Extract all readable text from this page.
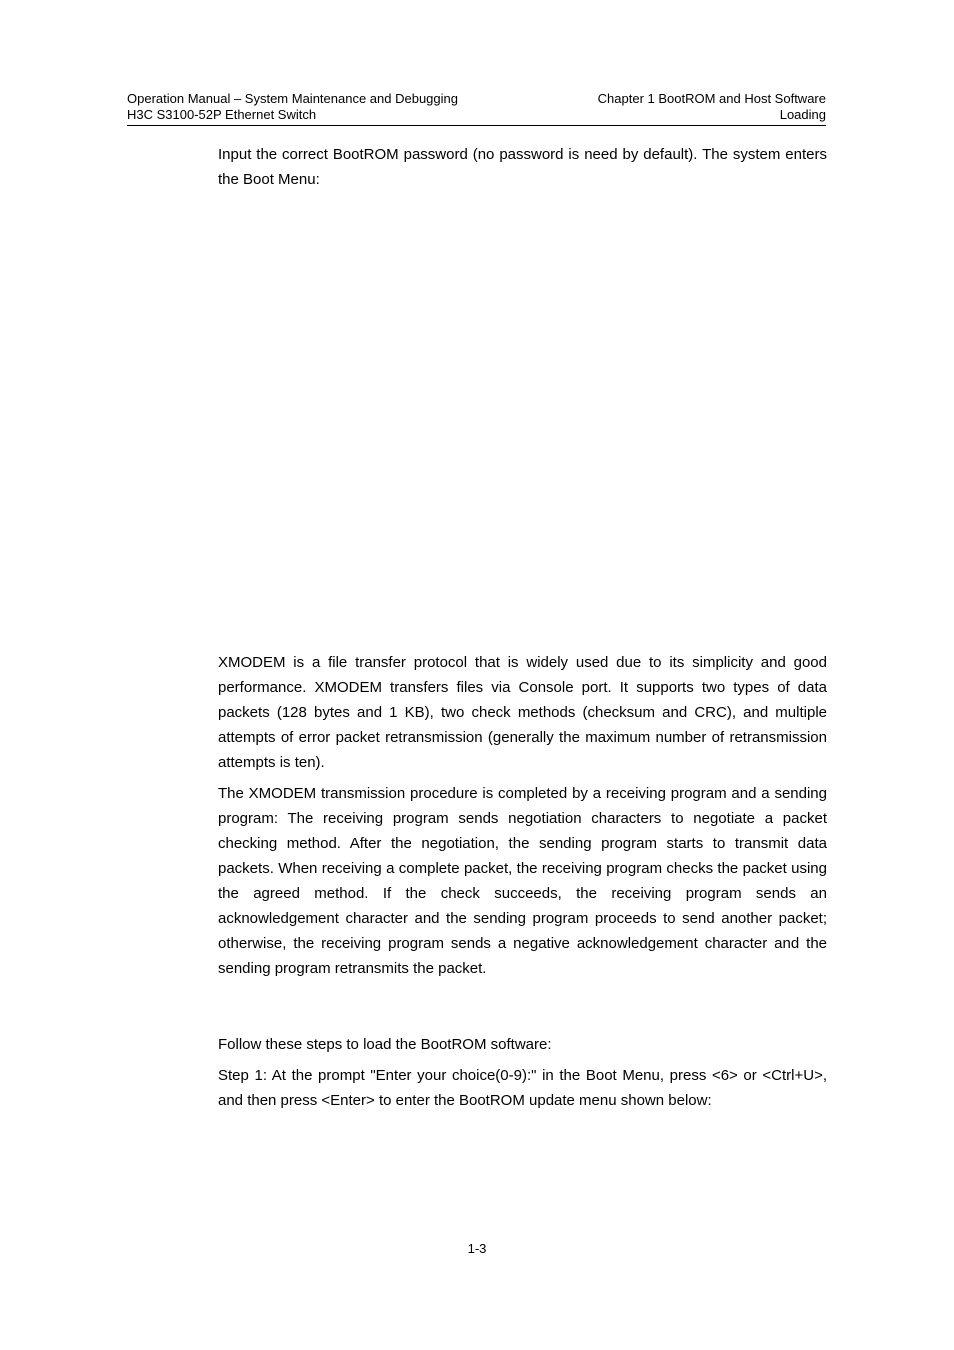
Operation Manual – System Maintenance and Debugging
H3C S3100-52P Ethernet Switch
Chapter 1 BootROM and Host Software
Loading

Input the correct BootROM password (no password is need by default). The system enters the Boot Menu:

XMODEM is a file transfer protocol that is widely used due to its simplicity and good performance. XMODEM transfers files via Console port. It supports two types of data packets (128 bytes and 1 KB), two check methods (checksum and CRC), and multiple attempts of error packet retransmission (generally the maximum number of retransmission attempts is ten).

The XMODEM transmission procedure is completed by a receiving program and a sending program: The receiving program sends negotiation characters to negotiate a packet checking method. After the negotiation, the sending program starts to transmit data packets. When receiving a complete packet, the receiving program checks the packet using the agreed method. If the check succeeds, the receiving program sends an acknowledgement character and the sending program proceeds to send another packet; otherwise, the receiving program sends a negative acknowledgement character and the sending program retransmits the packet.

Follow these steps to load the BootROM software:

Step 1: At the prompt "Enter your choice(0-9):" in the Boot Menu, press <6> or <Ctrl+U>, and then press <Enter> to enter the BootROM update menu shown below:

1-3
